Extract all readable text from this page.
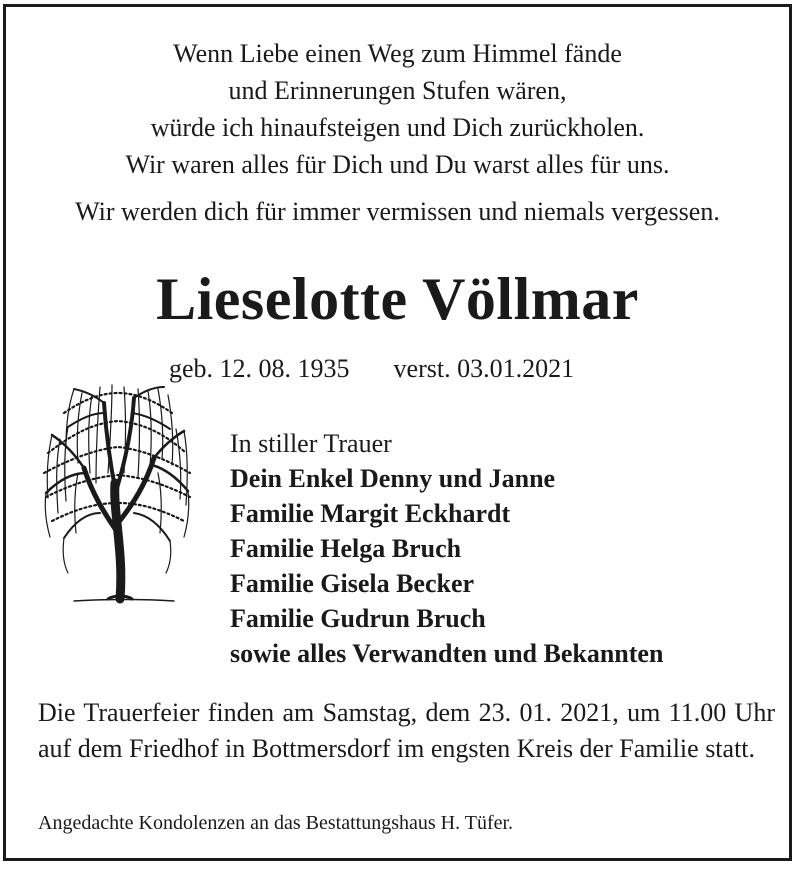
Wenn Liebe einen Weg zum Himmel fände
und Erinnerungen Stufen wären,
würde ich hinaufsteigen und Dich zurückholen.
Wir waren alles für Dich und Du warst alles für uns.
Wir werden dich für immer vermissen und niemals vergessen.
Lieselotte Völlmar
geb. 12. 08. 1935 verst. 03.01.2021
In stiller Trauer
Dein Enkel Denny und Janne
Familie Margit Eckhardt
Familie Helga Bruch
Familie Gisela Becker
Familie Gudrun Bruch
sowie alles Verwandten und Bekannten
Die Trauerfeier finden am Samstag, dem 23. 01. 2021, um 11.00 Uhr auf dem Friedhof in Bottmersdorf im engsten Kreis der Familie statt.
Angedachte Kondolenzen an das Bestattungshaus H. Tüfer.
